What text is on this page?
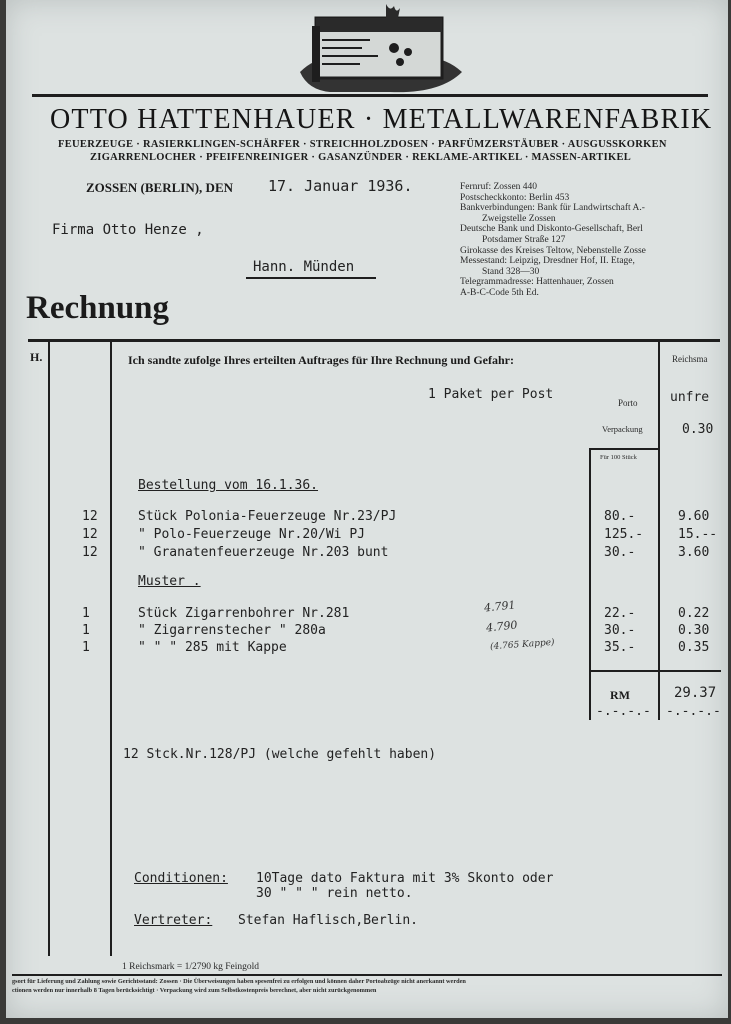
OTTO HATTENHAUER · METALLWARENFABRIK
FEUERZEUGE · RASIERKLINGEN-SCHÄRFER · STREICHHOLZDOSEN · PARFÜMZERSTÄUBER · AUSGUSSKORKEN
ZIGARRENLOCHER · PFEIFENREINIGER · GASANZÜNDER · REKLAME-ARTIKEL · MASSEN-ARTIKEL
ZOSSEN (BERLIN), DEN 17. Januar 1936.	Fernruf: Zossen 440
Postscheckkonto: Berlin 453
Bankverbindungen: Bank für Landwirtschaft A.-
Zweigstelle Zossen
Deutsche Bank und Diskonto-Gesellschaft, Berl
Potsdamer Straße 127
Girokasse des Kreises Teltow, Nebenstelle Zosse
Messestand: Leipzig, Dresdner Hof, II. Etage,
Stand 328—30
Telegrammadresse: Hattenhauer, Zossen
A-B-C-Code 5th Ed.
Firma Otto Henze ,
Hann. Münden
Rechnung
H.	Ich sandte zufolge Ihres erteilten Auftrages für Ihre Rechnung und Gefahr:	Reichsma
1 Paket per Post
Porto unfre
Verpackung	0.30
Für 100 Stück
Bestellung vom 16.1.36.
12	Stück Polonia-Feuerzeuge Nr.23/PJ	80.-	9.60
12	" Polo-Feuerzeuge Nr.20/Wi PJ	125.-	15.--
12	" Granatenfeuerzeuge Nr.203 bunt	30.-	3.60
Muster .
1	Stück Zigarrenbohrer Nr.281	22.-	0.22
1	" Zigarrenstecher " 280a	30.-	0.30
1	" " " 285 mit Kappe	35.-	0.35
4.791
4.790
(4.765 Kappe)
RM	29.37
-.-.-.- -.-.-.-
12 Stck.Nr.128/PJ (welche gefehlt haben)
Conditionen: 10Tage dato Faktura mit 3% Skonto oder
30 " " " rein netto.
Vertreter: Stefan Haflisch,Berlin.
1 Reichsmark = 1/2790 kg Feingold
gsort für Lieferung und Zahlung sowie Gerichtsstand: Zossen · Die Überweisungen haben spesenfrei zu erfolgen und können daher Portoabzüge nicht anerkannt werden
ctionen werden nur innerhalb 8 Tagen berücksichtigt · Verpackung wird zum Selbstkostenpreis berechnet, aber nicht zurückgenommen
